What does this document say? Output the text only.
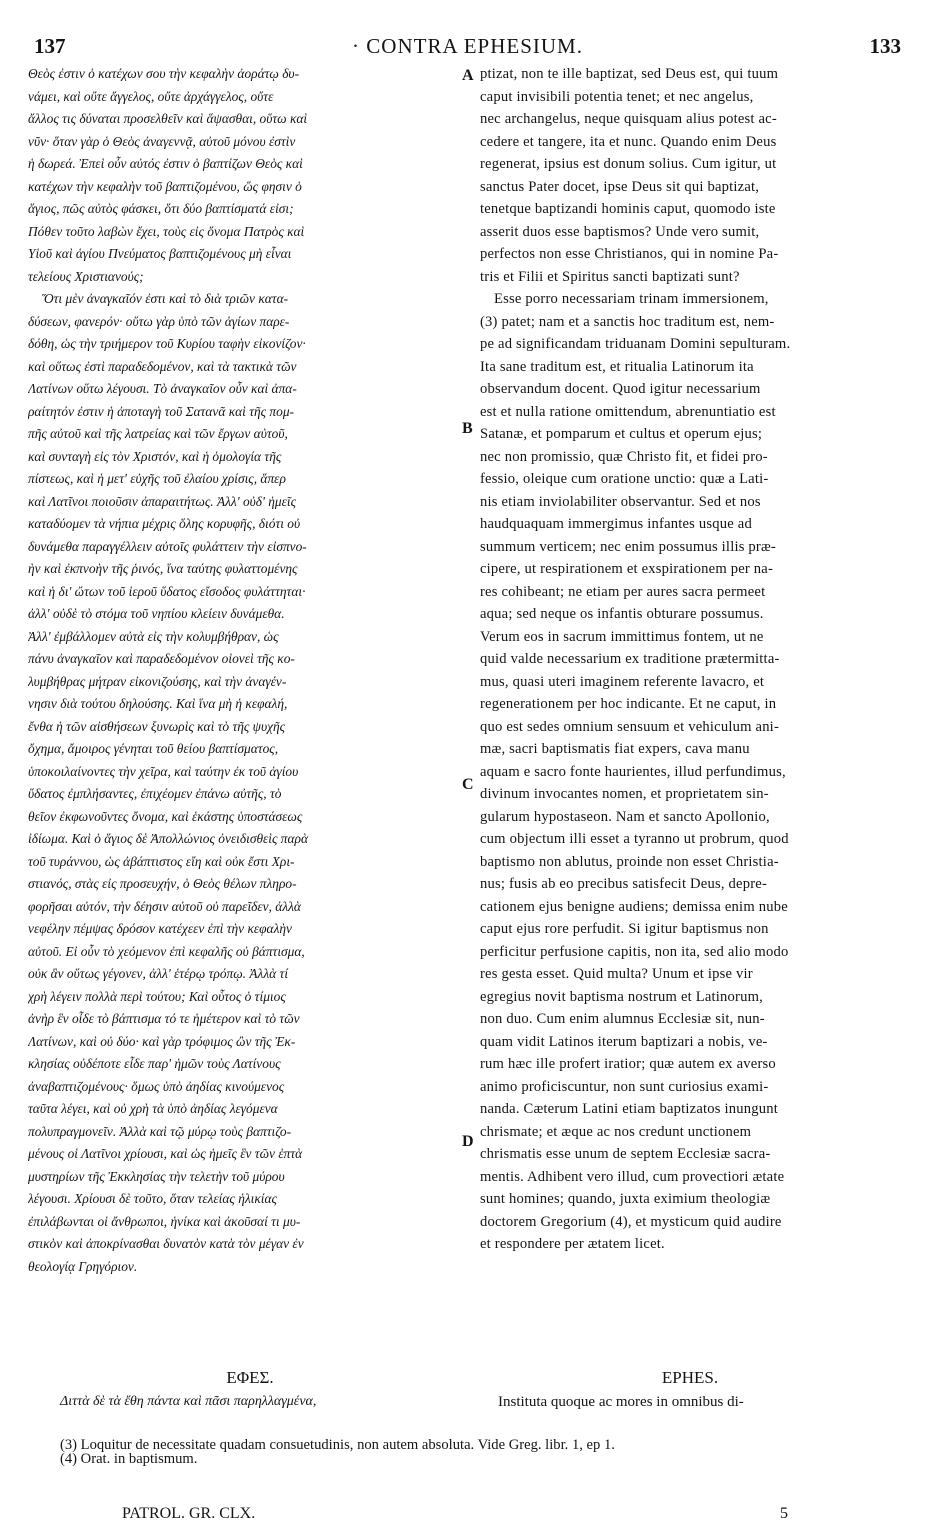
137	· CONTRA EPHESIUM.	133

Θεὸς ἐστιν ὁ κατέχων σου τὴν κεφαλὴν ἀοράτῳ δυ-

νάμει, καὶ οὔτε ἄγγελος, οὔτε ἀρχάγγελος, οὔτε

ἄλλος τις δύναται προσελθεῖν καὶ ἅψασθαι, οὕτω καὶ

νῦν· ὅταν γὰρ ὁ Θεὸς ἀναγεννᾷ, αὐτοῦ μόνου ἐστὶν

ἡ δωρεά. Ἐπεὶ οὖν αὐτός ἐστιν ὁ βαπτίζων Θεὸς καὶ

κατέχων τὴν κεφαλὴν τοῦ βαπτιζομένου, ὥς φησιν ὁ

ἅγιος, πῶς αὐτὸς φάσκει, ὅτι δύο βαπτίσματά εἰσι;

Πόθεν τοῦτο λαβὼν ἔχει, τοὺς εἰς ὄνομα Πατρὸς καὶ

Υἱοῦ καὶ ἁγίου Πνεύματος βαπτιζομένους μὴ εἶναι

τελείους Χριστιανούς;

Ὅτι μὲν ἀναγκαῖόν ἐστι καὶ τὸ διὰ τριῶν κατα-

δύσεων, φανερόν· οὕτω γὰρ ὑπὸ τῶν ἁγίων παρε-

δόθη, ὡς τὴν τριήμερον τοῦ Κυρίου ταφὴν εἰκονίζον·

καὶ οὕτως ἐστὶ παραδεδομένον, καὶ τὰ τακτικὰ τῶν

Λατίνων οὕτω λέγουσι. Τὸ ἀναγκαῖον οὖν καὶ ἀπα-

ραίτητόν ἐστιν ἡ ἀποταγὴ τοῦ Σατανᾶ καὶ τῆς πομ-

πῆς αὐτοῦ καὶ τῆς λατρείας καὶ τῶν ἔργων αὐτοῦ,

καὶ συνταγὴ εἰς τὸν Χριστόν, καὶ ἡ ὁμολογία τῆς

πίστεως, καὶ ἡ μετ' εὐχῆς τοῦ ἐλαίου χρίσις, ἅπερ

καὶ Λατῖνοι ποιοῦσιν ἀπαραιτήτως. Ἀλλ' οὐδ' ἡμεῖς

καταδύομεν τὰ νήπια μέχρις ὅλης κορυφῆς, διότι οὐ

δυνάμεθα παραγγέλλειν αὐτοῖς φυλάττειν τὴν εἰσπνο-

ὴν καὶ ἐκπνοὴν τῆς ῥινός, ἵνα ταύτης φυλαττομένης

καὶ ἡ δι' ὤτων τοῦ ἱεροῦ ὕδατος εἴσοδος φυλάττηται·

ἀλλ' οὐδὲ τὸ στόμα τοῦ νηπίου κλείειν δυνάμεθα.

Ἀλλ' ἐμβάλλομεν αὐτὰ εἰς τὴν κολυμβήθραν, ὡς

πάνυ ἀναγκαῖον καὶ παραδεδομένον οἱονεὶ τῆς κο-

λυμβήθρας μήτραν εἰκονιζούσης, καὶ τὴν ἀναγέν-

νησιν διὰ τούτου δηλούσης. Καὶ ἵνα μὴ ἡ κεφαλή,

ἔνθα ἡ τῶν αἰσθήσεων ξυνωρὶς καὶ τὸ τῆς ψυχῆς

ὄχημα, ἄμοιρος γένηται τοῦ θείου βαπτίσματος,

ὑποκοιλαίνοντες τὴν χεῖρα, καὶ ταύτην ἐκ τοῦ ἁγίου

ὕδατος ἐμπλήσαντες, ἐπιχέομεν ἐπάνω αὐτῆς, τὸ

θεῖον ἐκφωνοῦντες ὄνομα, καὶ ἑκάστης ὑποστάσεως

ἰδίωμα. Καὶ ὁ ἅγιος δὲ Ἀπολλώνιος ὀνειδισθεὶς παρὰ

τοῦ τυράννου, ὡς ἀβάπτιστος εἴη καὶ οὐκ ἔστι Χρι-

στιανός, στὰς εἰς προσευχήν, ὁ Θεὸς θέλων πληρο-

φορῆσαι αὐτόν, τὴν δέησιν αὐτοῦ οὐ παρεῖδεν, ἀλλὰ

νεφέλην πέμψας δρόσον κατέχεεν ἐπὶ τὴν κεφαλὴν

αὐτοῦ. Εἰ οὖν τὸ χεόμενον ἐπὶ κεφαλῆς οὐ βάπτισμα,

οὐκ ἂν οὕτως γέγονεν, ἀλλ' ἑτέρῳ τρόπῳ. Ἀλλὰ τί

χρὴ λέγειν πολλὰ περὶ τούτου; Καὶ οὗτος ὁ τίμιος

ἀνὴρ ἓν οἶδε τὸ βάπτισμα τό τε ἡμέτερον καὶ τὸ τῶν

Λατίνων, καὶ οὐ δύο· καὶ γὰρ τρόφιμος ὢν τῆς Ἐκ-

κλησίας οὐδέποτε εἶδε παρ' ἡμῶν τοὺς Λατίνους

ἀναβαπτιζομένους· ὅμως ὑπὸ ἀηδίας κινούμενος

ταῦτα λέγει, καὶ οὐ χρὴ τὰ ὑπὸ ἀηδίας λεγόμενα

πολυπραγμονεῖν. Ἀλλὰ καὶ τῷ μύρῳ τοὺς βαπτιζο-

μένους οἱ Λατῖνοι χρίουσι, καὶ ὡς ἡμεῖς ἓν τῶν ἑπτὰ

μυστηρίων τῆς Ἐκκλησίας τὴν τελετὴν τοῦ μύρου

λέγουσι. Χρίουσι δὲ τοῦτο, ὅταν τελείας ἡλικίας

ἐπιλάβωνται οἱ ἄνθρωποι, ἡνίκα καὶ ἀκοῦσαί τι μυ-

στικὸν καὶ ἀποκρίνασθαι δυνατὸν κατὰ τὸν μέγαν ἐν

θεολογίᾳ Γρηγόριον.

ptizat, non te ille baptizat, sed Deus est, qui tuum

caput invisibili potentia tenet; et nec angelus,

nec archangelus, neque quisquam alius potest ac-

cedere et tangere, ita et nunc. Quando enim Deus

regenerat, ipsius est donum solius. Cum igitur, ut

sanctus Pater docet, ipse Deus sit qui baptizat,

tenetque baptizandi hominis caput, quomodo iste

asserit duos esse baptismos? Unde vero sumit,

perfectos non esse Christianos, qui in nomine Pa-

tris et Filii et Spiritus sancti baptizati sunt?

Esse porro necessariam trinam immersionem,

(3) patet; nam et a sanctis hoc traditum est, nem-

pe ad significandam triduanam Domini sepulturam.

Ita sane traditum est, et ritualia Latinorum ita

observandum docent. Quod igitur necessarium

est et nulla ratione omittendum, abrenuntiatio est

Satanæ, et pomparum et cultus et operum ejus;

nec non promissio, quæ Christo fit, et fidei pro-

fessio, oleique cum oratione unctio: quæ a Lati-

nis etiam inviolabiliter observantur. Sed et nos

haudquaquam immergimus infantes usque ad

summum verticem; nec enim possumus illis præ-

cipere, ut respirationem et exspirationem per na-

res cohibeant; ne etiam per aures sacra permeet

aqua; sed neque os infantis obturare possumus.

Verum eos in sacrum immittimus fontem, ut ne

quid valde necessarium ex traditione prætermitta-

mus, quasi uteri imaginem referente lavacro, et

regenerationem per hoc indicante. Et ne caput, in

quo est sedes omnium sensuum et vehiculum ani-

mæ, sacri baptismatis fiat expers, cava manu

aquam e sacro fonte haurientes, illud perfundimus,

divinum invocantes nomen, et proprietatem sin-

gularum hypostaseon. Nam et sancto Apollonio,

cum objectum illi esset a tyranno ut probrum, quod

baptismo non ablutus, proinde non esset Christia-

nus; fusis ab eo precibus satisfecit Deus, depre-

cationem ejus benigne audiens; demissa enim nube

caput ejus rore perfudit. Si igitur baptismus non

perficitur perfusione capitis, non ita, sed alio modo

res gesta esset. Quid multa? Unum et ipse vir

egregius novit baptisma nostrum et Latinorum,

non duo. Cum enim alumnus Ecclesiæ sit, nun-

quam vidit Latinos iterum baptizari a nobis, ve-

rum hæc ille profert iratior; quæ autem ex averso

animo proficiscuntur, non sunt curiosius exami-

nanda. Cæterum Latini etiam baptizatos inungunt

chrismate; et æque ac nos credunt unctionem

chrismatis esse unum de septem Ecclesiæ sacra-

mentis. Adhibent vero illud, cum provectiori ætate

sunt homines; quando, juxta eximium theologiæ

doctorem Gregorium (4), et mysticum quid audire

et respondere per ætatem licet.

A
B
C
D
ΕΦΕΣ.	EPHES.
Διττὰ δὲ τὰ ἔθη πάντα καὶ πᾶσι παρηλλαγμένα,	Instituta quoque ac mores in omnibus di-

(3) Loquitur de necessitate quadam consuetudinis, non autem absoluta. Vide Greg. libr. 1, ep 1.

(4) Orat. in baptismum.

PATROL. GR. CLX.	5
